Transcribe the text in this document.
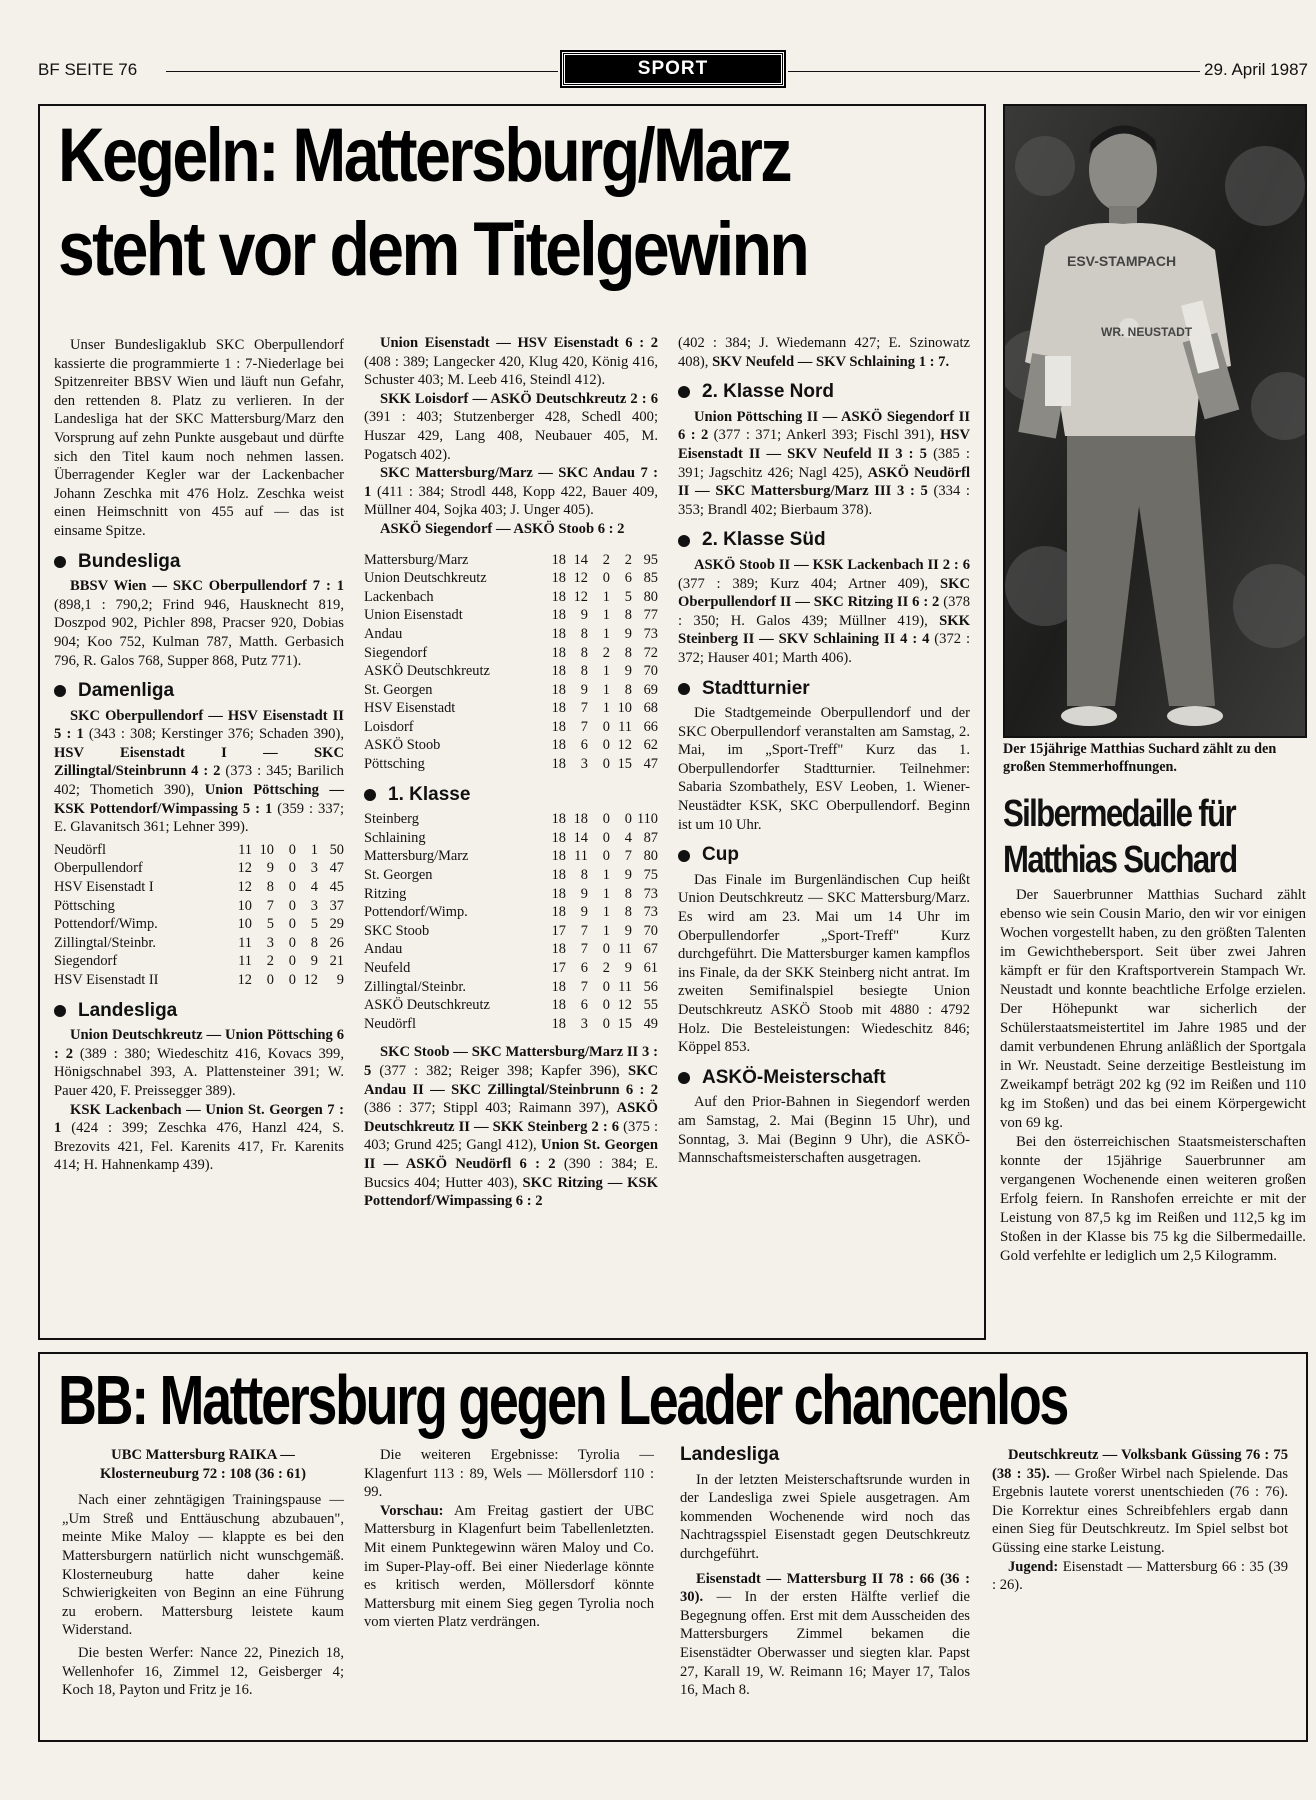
BF SEITE 76	SPORT	29. April 1987
Kegeln: Mattersburg/Marz
steht vor dem Titelgewinn

Unser Bundesligaklub SKC Oberpullendorf kassierte die programmierte 1 : 7-Niederlage bei Spitzenreiter BBSV Wien und läuft nun Gefahr, den rettenden 8. Platz zu verlieren. In der Landesliga hat der SKC Mattersburg/Marz den Vorsprung auf zehn Punkte ausgebaut und dürfte sich den Titel kaum noch nehmen lassen. Überragender Kegler war der Lackenbacher Johann Zeschka mit 476 Holz. Zeschka weist einen Heimschnitt von 455 auf — das ist einsame Spitze.

Bundesliga

BBSV Wien — SKC Oberpullendorf 7 : 1 (898,1 : 790,2; Frind 946, Hausknecht 819, Doszpod 902, Pichler 898, Pracser 920, Dobias 904; Koo 752, Kulman 787, Matth. Gerbasich 796, R. Galos 768, Supper 868, Putz 771).

Damenliga

SKC Oberpullendorf — HSV Eisenstadt II 5 : 1 (343 : 308; Kerstinger 376; Schaden 390), HSV Eisenstadt I — SKC Zillingtal/Steinbrunn 4 : 2 (373 : 345; Barilich 402; Thometich 390), Union Pöttsching — KSK Pottendorf/Wimpassing 5 : 1 (359 : 337; E. Glavanitsch 361; Lehner 399).

Neudörfl	11	10	0	1	50
Oberpullendorf	12	9	0	3	47
HSV Eisenstadt I	12	8	0	4	45
Pöttsching	10	7	0	3	37
Pottendorf/Wimp.	10	5	0	5	29
Zillingtal/Steinbr.	11	3	0	8	26
Siegendorf	11	2	0	9	21
HSV Eisenstadt II	12	0	0	12	9
Landesliga

Union Deutschkreutz — Union Pöttsching 6 : 2 (389 : 380; Wiedeschitz 416, Kovacs 399, Hönigschnabel 393, A. Plattensteiner 391; W. Pauer 420, F. Preissegger 389).

KSK Lackenbach — Union St. Georgen 7 : 1 (424 : 399; Zeschka 476, Hanzl 424, S. Brezovits 421, Fel. Karenits 417, Fr. Karenits 414; H. Hahnenkamp 439).

Union Eisenstadt — HSV Eisenstadt 6 : 2 (408 : 389; Langecker 420, Klug 420, König 416, Schuster 403; M. Leeb 416, Steindl 412).

SKK Loisdorf — ASKÖ Deutschkreutz 2 : 6 (391 : 403; Stutzenberger 428, Schedl 400; Huszar 429, Lang 408, Neubauer 405, M. Pogatsch 402).

SKC Mattersburg/Marz — SKC Andau 7 : 1 (411 : 384; Strodl 448, Kopp 422, Bauer 409, Müllner 404, Sojka 403; J. Unger 405).

ASKÖ Siegendorf — ASKÖ Stoob 6 : 2

Mattersburg/Marz	18	14	2	2	95
Union Deutschkreutz	18	12	0	6	85
Lackenbach	18	12	1	5	80
Union Eisenstadt	18	9	1	8	77
Andau	18	8	1	9	73
Siegendorf	18	8	2	8	72
ASKÖ Deutschkreutz	18	8	1	9	70
St. Georgen	18	9	1	8	69
HSV Eisenstadt	18	7	1	10	68
Loisdorf	18	7	0	11	66
ASKÖ Stoob	18	6	0	12	62
Pöttsching	18	3	0	15	47
1. Klasse
Steinberg	18	18	0	0	110
Schlaining	18	14	0	4	87
Mattersburg/Marz	18	11	0	7	80
St. Georgen	18	8	1	9	75
Ritzing	18	9	1	8	73
Pottendorf/Wimp.	18	9	1	8	73
SKC Stoob	17	7	1	9	70
Andau	18	7	0	11	67
Neufeld	17	6	2	9	61
Zillingtal/Steinbr.	18	7	0	11	56
ASKÖ Deutschkreutz	18	6	0	12	55
Neudörfl	18	3	0	15	49

SKC Stoob — SKC Mattersburg/Marz II 3 : 5 (377 : 382; Reiger 398; Kapfer 396), SKC Andau II — SKC Zillingtal/Steinbrunn 6 : 2 (386 : 377; Stippl 403; Raimann 397), ASKÖ Deutschkreutz II — SKK Steinberg 2 : 6 (375 : 403; Grund 425; Gangl 412), Union St. Georgen II — ASKÖ Neudörfl 6 : 2 (390 : 384; E. Bucsics 404; Hutter 403), SKC Ritzing — KSK Pottendorf/Wimpassing 6 : 2

(402 : 384; J. Wiedemann 427; E. Szinowatz 408), SKV Neufeld — SKV Schlaining 1 : 7.

2. Klasse Nord

Union Pöttsching II — ASKÖ Siegendorf II 6 : 2 (377 : 371; Ankerl 393; Fischl 391), HSV Eisenstadt II — SKV Neufeld II 3 : 5 (385 : 391; Jagschitz 426; Nagl 425), ASKÖ Neudörfl II — SKC Mattersburg/Marz III 3 : 5 (334 : 353; Brandl 402; Bierbaum 378).

2. Klasse Süd

ASKÖ Stoob II — KSK Lackenbach II 2 : 6 (377 : 389; Kurz 404; Artner 409), SKC Oberpullendorf II — SKC Ritzing II 6 : 2 (378 : 350; H. Galos 439; Müllner 419), SKK Steinberg II — SKV Schlaining II 4 : 4 (372 : 372; Hauser 401; Marth 406).

Stadtturnier

Die Stadtgemeinde Oberpullendorf und der SKC Oberpullendorf veranstalten am Samstag, 2. Mai, im „Sport-Treff" Kurz das 1. Oberpullendorfer Stadtturnier. Teilnehmer: Sabaria Szombathely, ESV Leoben, 1. Wiener-Neustädter KSK, SKC Oberpullendorf. Beginn ist um 10 Uhr.

Cup

Das Finale im Burgenländischen Cup heißt Union Deutschkreutz — SKC Mattersburg/Marz. Es wird am 23. Mai um 14 Uhr im Oberpullendorfer „Sport-Treff" Kurz durchgeführt. Die Mattersburger kamen kampflos ins Finale, da der SKK Steinberg nicht antrat. Im zweiten Semifinalspiel besiegte Union Deutschkreutz ASKÖ Stoob mit 4880 : 4792 Holz. Die Besteleistungen: Wiedeschitz 846; Köppel 853.

ASKÖ-Meisterschaft

Auf den Prior-Bahnen in Siegendorf werden am Samstag, 2. Mai (Beginn 15 Uhr), und Sonntag, 3. Mai (Beginn 9 Uhr), die ASKÖ-Mannschaftsmeisterschaften ausgetragen.

ESV-STAMPACH
WR. NEUSTADT
Der 15jährige Matthias Suchard zählt zu den großen Stemmerhoffnungen.
Silbermedaille für
Matthias Suchard

Der Sauerbrunner Matthias Suchard zählt ebenso wie sein Cousin Mario, den wir vor einigen Wochen vorgestellt haben, zu den größten Talenten im Gewichthebersport. Seit über zwei Jahren kämpft er für den Kraftsportverein Stampach Wr. Neustadt und konnte beachtliche Erfolge erzielen. Der Höhepunkt war sicherlich der Schülerstaatsmeistertitel im Jahre 1985 und der damit verbundenen Ehrung anläßlich der Sportgala in Wr. Neustadt. Seine derzeitige Bestleistung im Zweikampf beträgt 202 kg (92 im Reißen und 110 kg im Stoßen) und das bei einem Körpergewicht von 69 kg.

Bei den österreichischen Staatsmeisterschaften konnte der 15jährige Sauerbrunner am vergangenen Wochenende einen weiteren großen Erfolg feiern. In Ranshofen erreichte er mit der Leistung von 87,5 kg im Reißen und 112,5 kg im Stoßen in der Klasse bis 75 kg die Silbermedaille. Gold verfehlte er lediglich um 2,5 Kilogramm.

BB: Mattersburg gegen Leader chancenlos

UBC Mattersburg RAIKA — Klosterneuburg 72 : 108 (36 : 61)

Nach einer zehntägigen Trainingspause — „Um Streß und Enttäuschung abzubauen", meinte Mike Maloy — klappte es bei den Mattersburgern natürlich nicht wunschgemäß. Klosterneuburg hatte daher keine Schwierigkeiten von Beginn an eine Führung zu erobern. Mattersburg leistete kaum Widerstand.

Die besten Werfer: Nance 22, Pinezich 18, Wellenhofer 16, Zimmel 12, Geisberger 4; Koch 18, Payton und Fritz je 16.

Die weiteren Ergebnisse: Tyrolia — Klagenfurt 113 : 89, Wels — Möllersdorf 110 : 99.

Vorschau: Am Freitag gastiert der UBC Mattersburg in Klagenfurt beim Tabellenletzten. Mit einem Punktegewinn wären Maloy und Co. im Super-Play-off. Bei einer Niederlage könnte es kritisch werden, Möllersdorf könnte Mattersburg mit einem Sieg gegen Tyrolia noch vom vierten Platz verdrängen.

Landesliga

In der letzten Meisterschaftsrunde wurden in der Landesliga zwei Spiele ausgetragen. Am kommenden Wochenende wird noch das Nachtragsspiel Eisenstadt gegen Deutschkreutz durchgeführt.

Eisenstadt — Mattersburg II 78 : 66 (36 : 30). — In der ersten Hälfte verlief die Begegnung offen. Erst mit dem Ausscheiden des Mattersburgers Zimmel bekamen die Eisenstädter Oberwasser und siegten klar. Papst 27, Karall 19, W. Reimann 16; Mayer 17, Talos 16, Mach 8.

Deutschkreutz — Volksbank Güssing 76 : 75 (38 : 35). — Großer Wirbel nach Spielende. Das Ergebnis lautete vorerst unentschieden (76 : 76). Die Korrektur eines Schreibfehlers ergab dann einen Sieg für Deutschkreutz. Im Spiel selbst bot Güssing eine starke Leistung.

Jugend: Eisenstadt — Mattersburg 66 : 35 (39 : 26).
